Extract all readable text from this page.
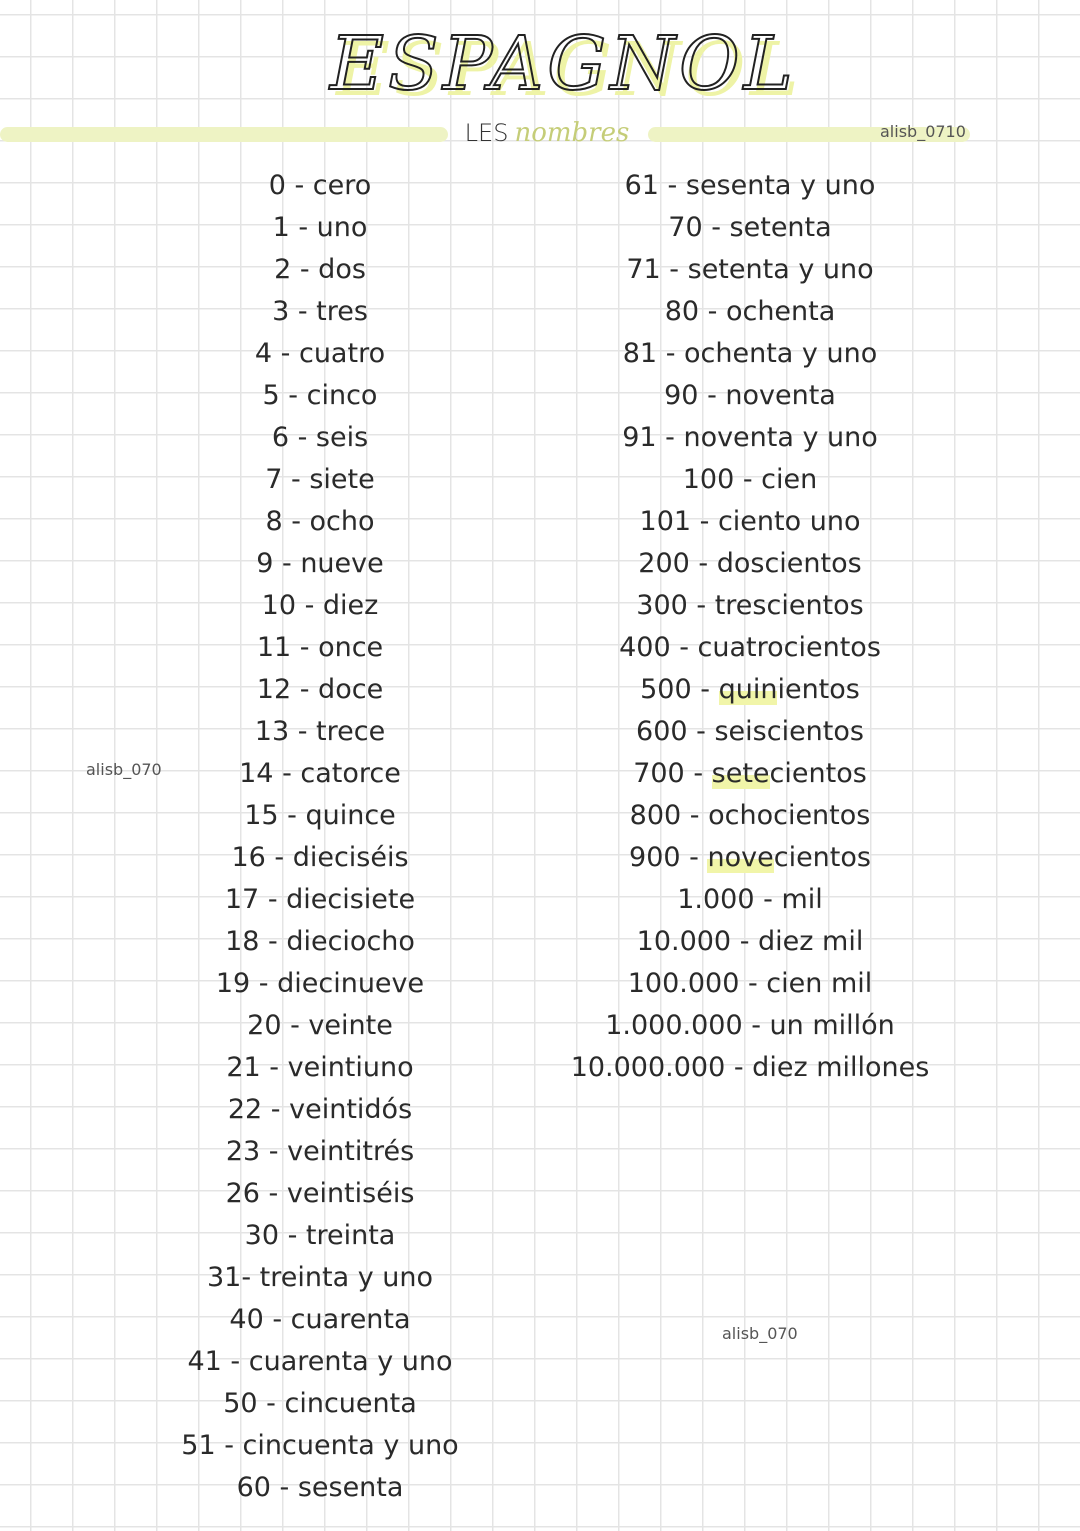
ESPAGNOL
LES nombres	alisb_0710
alisb_070
alisb_070
0 - cero
1 - uno
2 - dos
3 - tres
4 - cuatro
5 - cinco
6 - seis
7 - siete
8 - ocho
9 - nueve
10 - diez
11 - once
12 - doce
13 - trece
14 - catorce
15 - quince
16 - dieciséis
17 - diecisiete
18 - dieciocho
19 - diecinueve
20 - veinte
21 - veintiuno
22 - veintidós
23 - veintitrés
26 - veintiséis
30 - treinta
31- treinta y uno
40 - cuarenta
41 - cuarenta y uno
50 - cincuenta
51 - cincuenta y uno
60 - sesenta
61 - sesenta y uno
70 - setenta
71 - setenta y uno
80 - ochenta
81 - ochenta y uno
90 - noventa
91 - noventa y uno
100 - cien
101 - ciento uno
200 - doscientos
300 - trescientos
400 - cuatrocientos
500 - quinientos
600 - seiscientos
700 - setecientos
800 - ochocientos
900 - novecientos
1.000 - mil
10.000 - diez mil
100.000 - cien mil
1.000.000 - un millón
10.000.000 - diez millones
